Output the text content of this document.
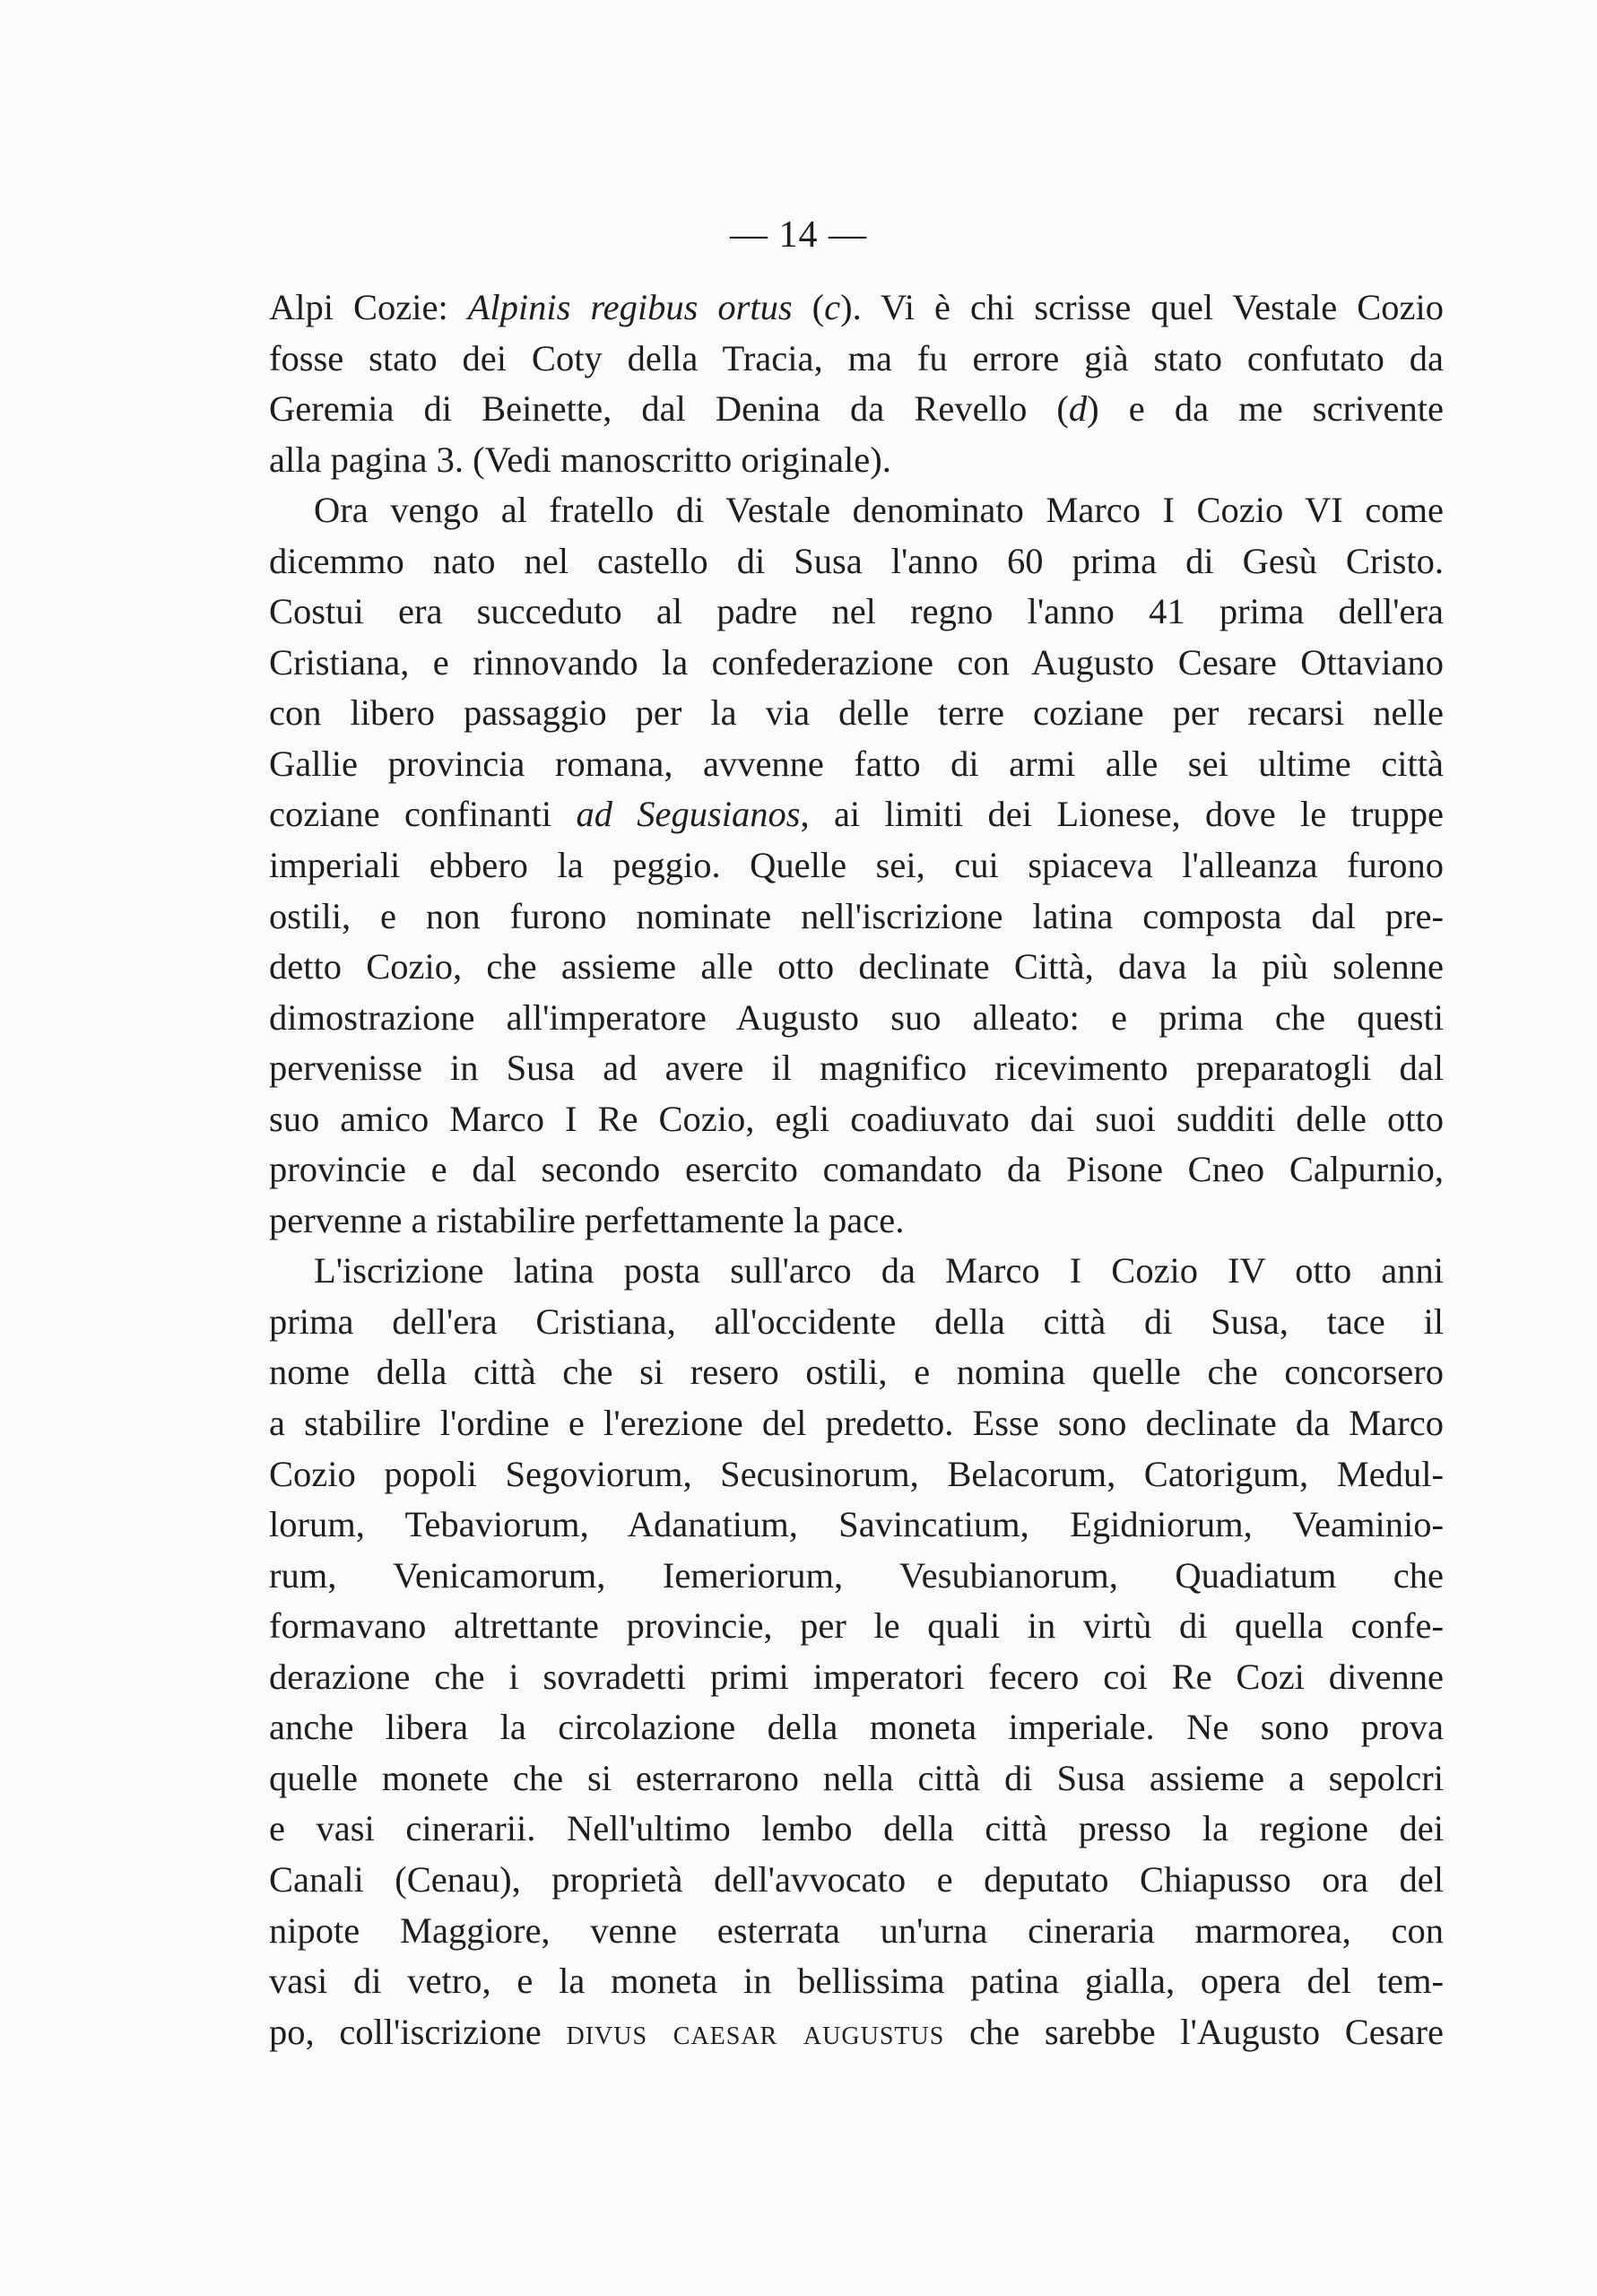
— 14 —
Alpi Cozie: Alpinis regibus ortus (c). Vi è chi scrisse quel Vestale Cozio
fosse stato dei Coty della Tracia, ma fu errore già stato confutato da
Geremia di Beinette, dal Denina da Revello (d) e da me scrivente
alla pagina 3. (Vedi manoscritto originale).
Ora vengo al fratello di Vestale denominato Marco I Cozio VI come
dicemmo nato nel castello di Susa l'anno 60 prima di Gesù Cristo.
Costui era succeduto al padre nel regno l'anno 41 prima dell'era
Cristiana, e rinnovando la confederazione con Augusto Cesare Ottaviano
con libero passaggio per la via delle terre coziane per recarsi nelle
Gallie provincia romana, avvenne fatto di armi alle sei ultime città
coziane confinanti ad Segusianos, ai limiti dei Lionese, dove le truppe
imperiali ebbero la peggio. Quelle sei, cui spiaceva l'alleanza furono
ostili, e non furono nominate nell'iscrizione latina composta dal pre-
detto Cozio, che assieme alle otto declinate Città, dava la più solenne
dimostrazione all'imperatore Augusto suo alleato: e prima che questi
pervenisse in Susa ad avere il magnifico ricevimento preparatogli dal
suo amico Marco I Re Cozio, egli coadiuvato dai suoi sudditi delle otto
provincie e dal secondo esercito comandato da Pisone Cneo Calpurnio,
pervenne a ristabilire perfettamente la pace.
L'iscrizione latina posta sull'arco da Marco I Cozio IV otto anni
prima dell'era Cristiana, all'occidente della città di Susa, tace il
nome della città che si resero ostili, e nomina quelle che concorsero
a stabilire l'ordine e l'erezione del predetto. Esse sono declinate da Marco
Cozio popoli Segoviorum, Secusinorum, Belacorum, Catorigum, Medul-
lorum, Tebaviorum, Adanatium, Savincatium, Egidniorum, Veaminio-
rum, Venicamorum, Iemeriorum, Vesubianorum, Quadiatum che
formavano altrettante provincie, per le quali in virtù di quella confe-
derazione che i sovradetti primi imperatori fecero coi Re Cozi divenne
anche libera la circolazione della moneta imperiale. Ne sono prova
quelle monete che si esterrarono nella città di Susa assieme a sepolcri
e vasi cinerarii. Nell'ultimo lembo della città presso la regione dei
Canali (Cenau), proprietà dell'avvocato e deputato Chiapusso ora del
nipote Maggiore, venne esterrata un'urna cineraria marmorea, con
vasi di vetro, e la moneta in bellissima patina gialla, opera del tem-
po, coll'iscrizione divus caesar augustus che sarebbe l'Augusto Cesare
